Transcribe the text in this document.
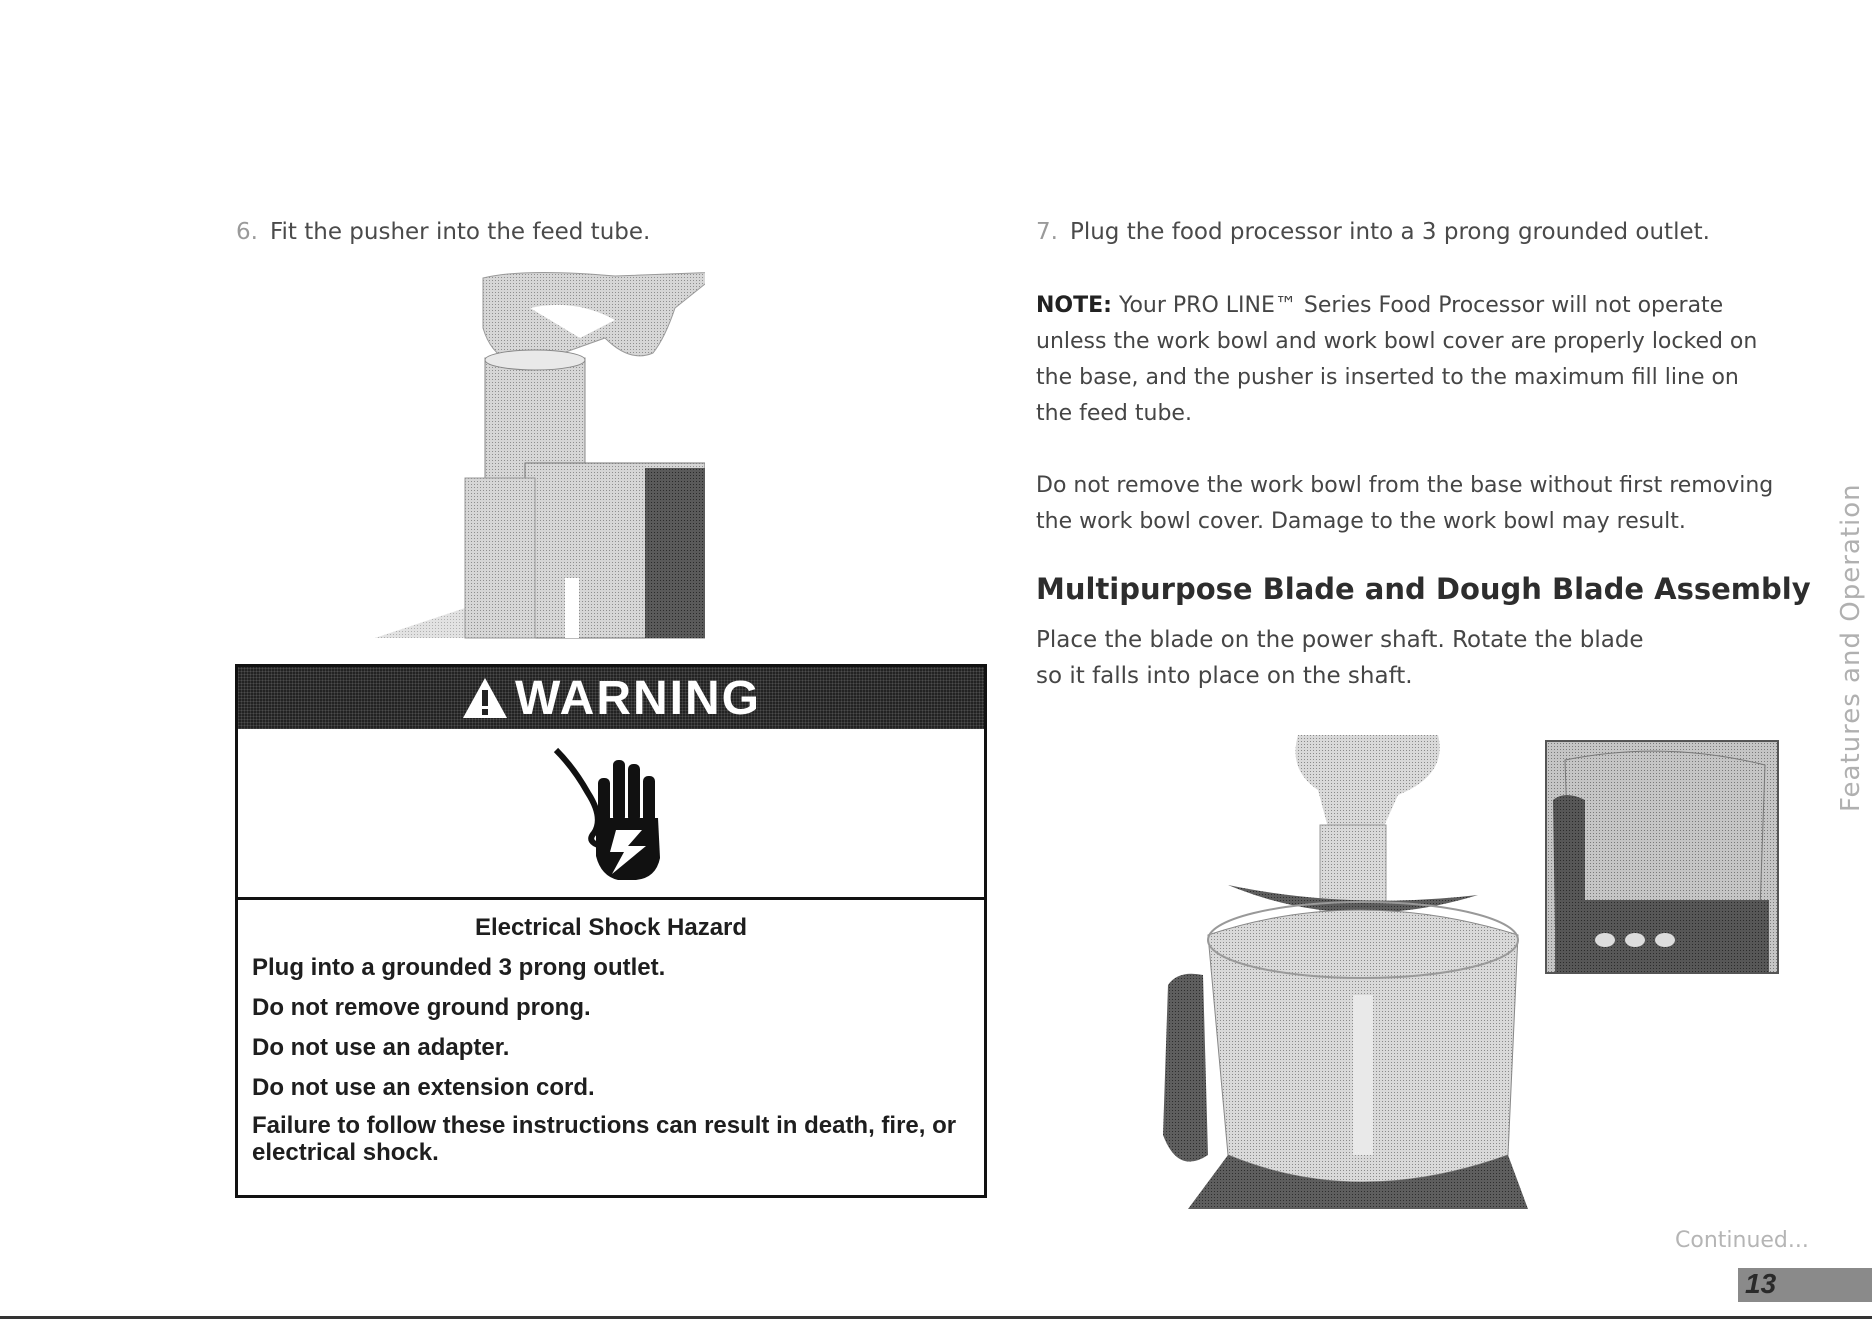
6. Fit the pusher into the feed tube.
WARNING
Electrical Shock Hazard
Plug into a grounded 3 prong outlet.
Do not remove ground prong.
Do not use an adapter.
Do not use an extension cord.
Failure to follow these instructions can result in death, fire, or electrical shock.
7. Plug the food processor into a 3 prong grounded outlet.
NOTE: Your PRO LINE™ Series Food Processor will not operate unless the work bowl and work bowl cover are properly locked on the base, and the pusher is inserted to the maximum fill line on the feed tube.
Do not remove the work bowl from the base without first removing the work bowl cover. Damage to the work bowl may result.
Multipurpose Blade and Dough Blade Assembly
Place the blade on the power shaft. Rotate the blade so it falls into place on the shaft.	Features and Operation
Continued...
13
